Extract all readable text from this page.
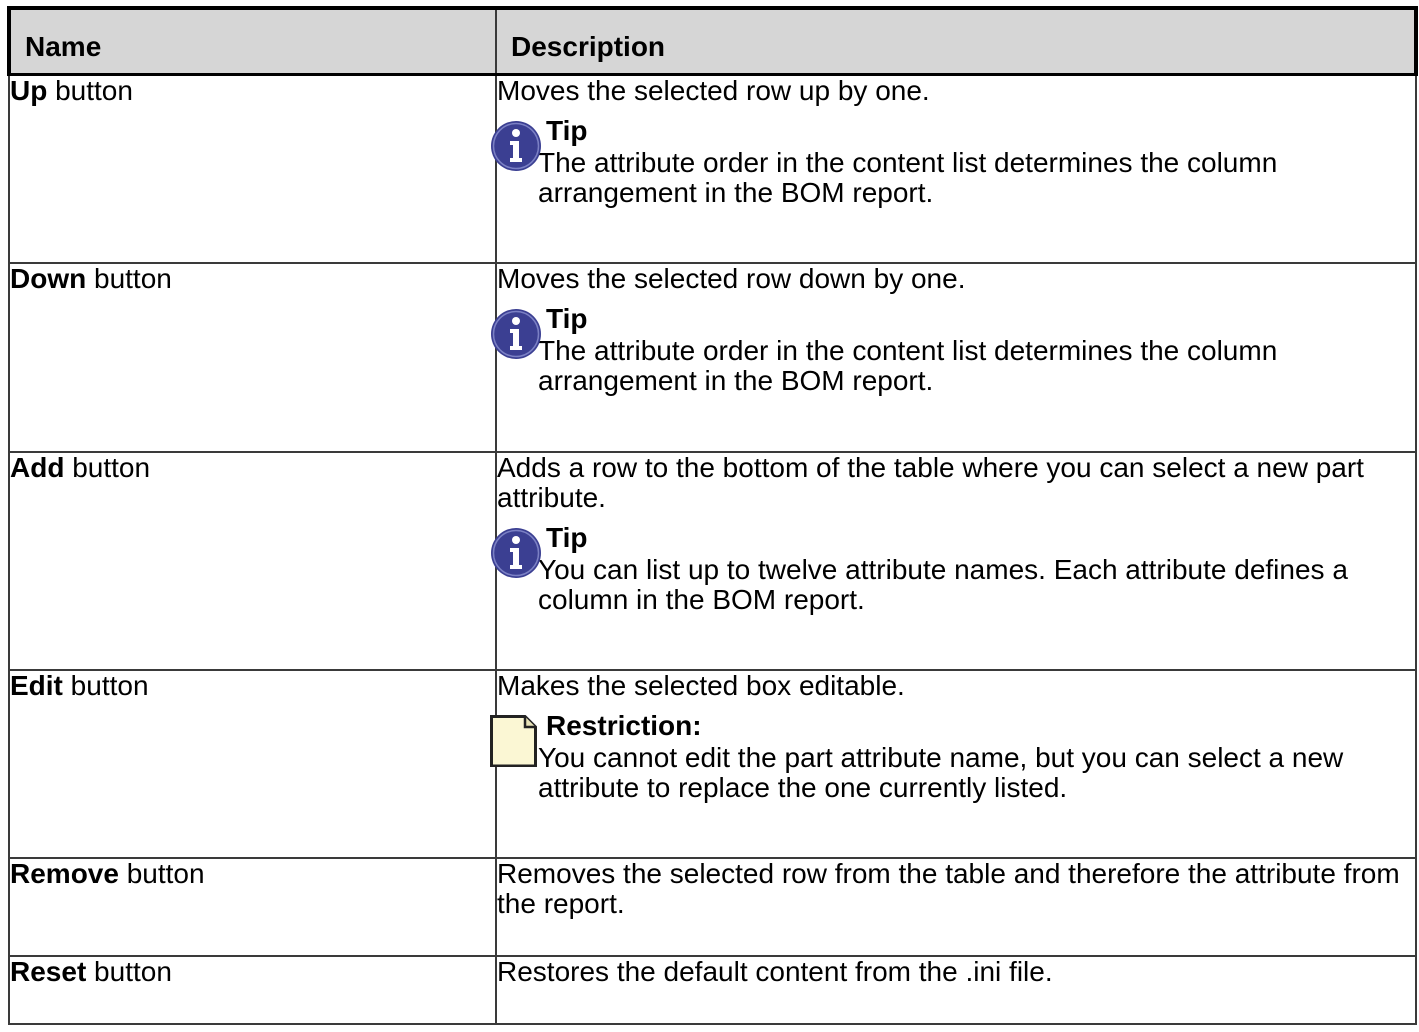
Name	Description
Up button	Moves the selected row up by one.
Tip
The attribute order in the content list determines the column arrangement in the BOM report.

Down button	Moves the selected row down by one.
Tip
The attribute order in the content list determines the column arrangement in the BOM report.

Add button	Adds a row to the bottom of the table where you can select a new part attribute.
Tip
You can list up to twelve attribute names. Each attribute defines a column in the BOM report.

Edit button	Makes the selected box editable.
Restriction:
You cannot edit the part attribute name, but you can select a new attribute to replace the one currently listed.

Remove button	Removes the selected row from the table and therefore the attribute from the report.

Reset button	Restores the default content from the .ini file.
